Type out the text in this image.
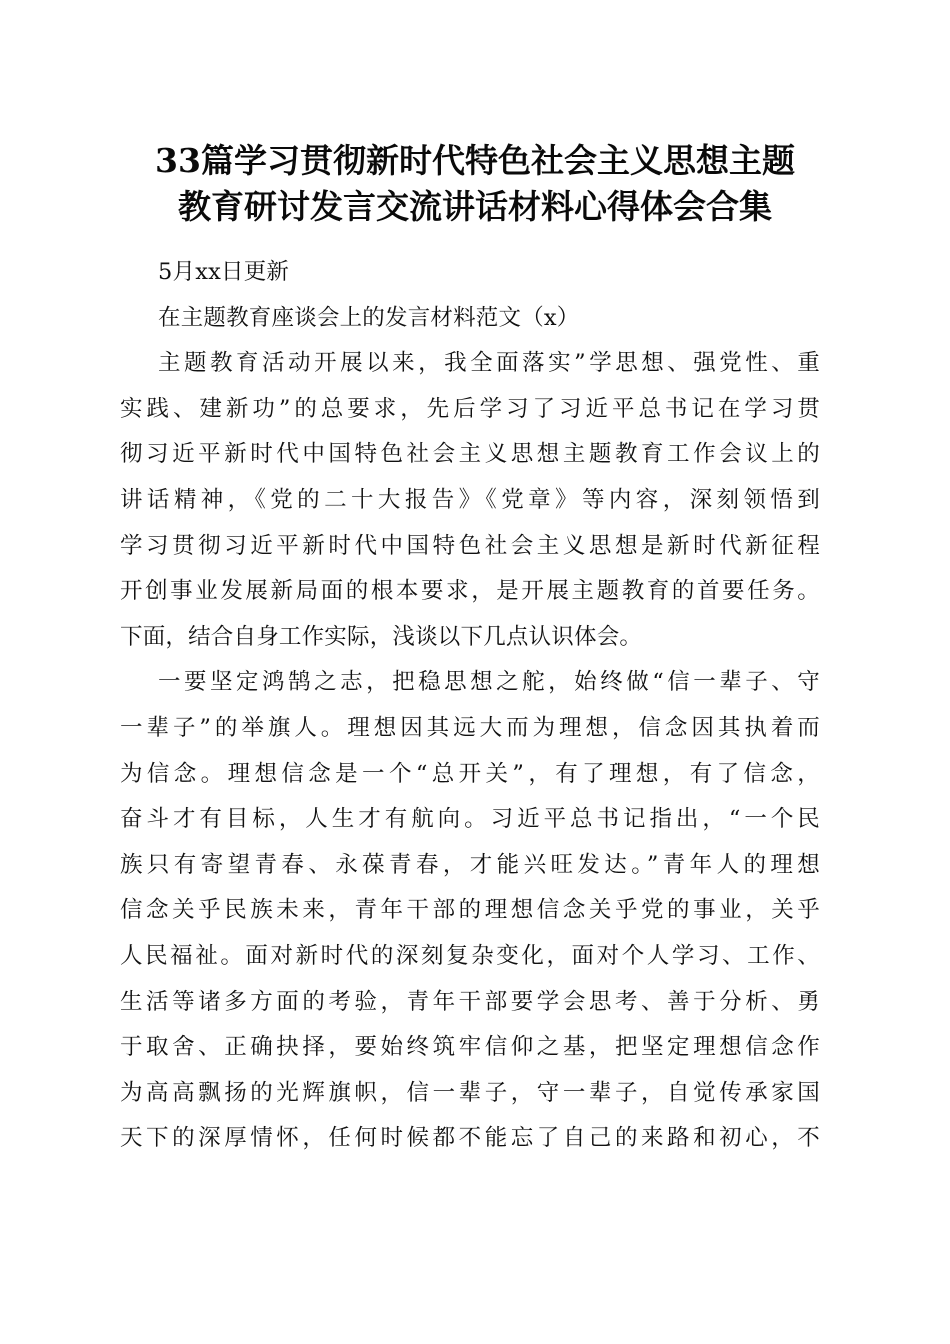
33篇学习贯彻新时代特色社会主义思想主题
教育研讨发言交流讲话材料心得体会合集
5月xx日更新
在主题教育座谈会上的发言材料范文（x）
主题教育活动开展以来，我全面落实”学思想、强党性、重
实践、建新功”的总要求，先后学习了习近平总书记在学习贯
彻习近平新时代中国特色社会主义思想主题教育工作会议上的
讲话精神，《党的二十大报告》《党章》等内容，深刻领悟到
学习贯彻习近平新时代中国特色社会主义思想是新时代新征程
开创事业发展新局面的根本要求，是开展主题教育的首要任务。
下面，结合自身工作实际，浅谈以下几点认识体会。
一要坚定鸿鹄之志，把稳思想之舵，始终做“信一辈子、守
一辈子”的举旗人。理想因其远大而为理想，信念因其执着而
为信念。理想信念是一个“总开关”，有了理想，有了信念，
奋斗才有目标，人生才有航向。习近平总书记指出，“一个民
族只有寄望青春、永葆青春，才能兴旺发达。”青年人的理想
信念关乎民族未来，青年干部的理想信念关乎党的事业，关乎
人民福祉。面对新时代的深刻复杂变化，面对个人学习、工作、
生活等诸多方面的考验，青年干部要学会思考、善于分析、勇
于取舍、正确抉择，要始终筑牢信仰之基，把坚定理想信念作
为高高飘扬的光辉旗帜，信一辈子，守一辈子，自觉传承家国
天下的深厚情怀，任何时候都不能忘了自己的来路和初心，不
